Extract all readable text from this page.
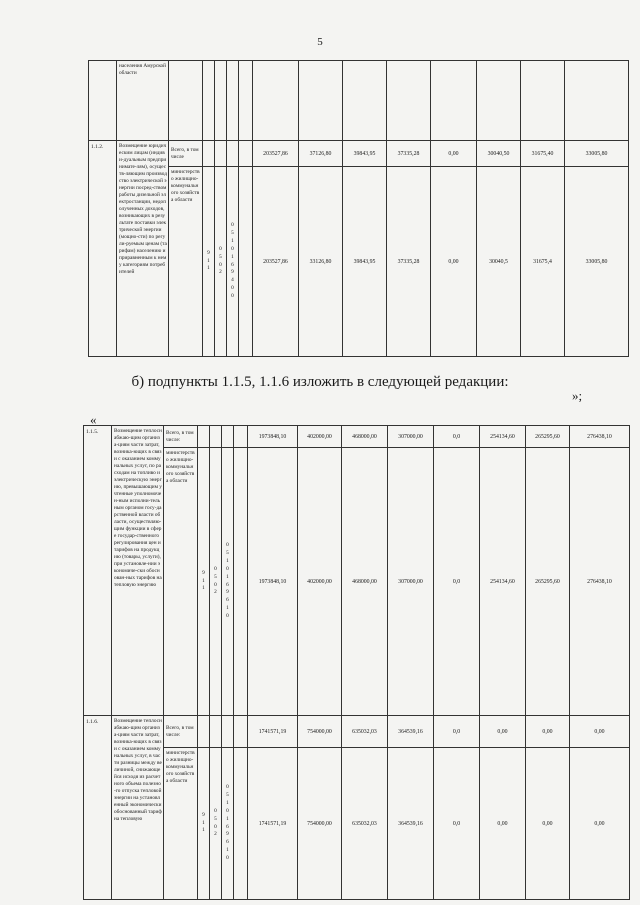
5
	населения Амурской области													
1.1.2.	Возмещение юридическим лицам (индиви-дуальным предпринимате-лям), осуществ-ляющим производство электрической энергии посред-ством работы дизельной электростанции, недополученных доходов, возникающих в результате поставки электрической энергии (мощно-сти) по регули-руемым ценам (тарифам) населению и приравненным к нему категориям потребителей	Всего, в том числе					203527,86	37126,80	39843,95	37335,28	0,00	30040,50	31675,40	33005,80
		министерство жилищно-коммунального хозяйства области	9 1 1	0 5 0 2	0 5 1 0 1 6 9 4 0 0		203527,86	33126,80	39843,95	37335,28	0,00	30040,5	31675,4	33005,80
б) подпункты 1.1.5, 1.1.6 изложить в следующей редакции:
»;
«
1.1.5.	Возмещение теплоснабжаю-щим организа-циям части затрат, возника-ющих в связи с оказанием коммунальных услуг, по расходам на топливо и электрическую энергию, превышающим учтенные уполномочен-ным исполни-тельным органом госу-дарственной власти области, осуществляю-щим функции в сфере государ-ственного регулирования цен и тарифов на продукцию (товары, услуги), при установле-нии экономиче-ски обоснован-ных тарифов на тепловую энергию	Всего, в том числе:					1973848,10	402000,00	468000,00	307000,00	0,0	254134,60	265295,60	276438,10
		министерство жилищно-коммунального хозяйства области	9 1 1	0 5 0 2	0 5 1 0 1 6 9 6 1 0		1973848,10	402000,00	468000,00	307000,00	0,0	254134,60	265295,60	276438,10
1.1.6.	Возмещение теплоснабжаю-щим организа-циям части затрат, возника-ющих в связи с оказанием коммунальных услуг, в части разницы между величиной, снижающейся исходя из расчетного объема полезно-го отпуска тепловой энергии на установленный экономически обоснованный тариф на тепловую	Всего, в том числе:					1741571,19	754000,00	635032,03	364539,16	0,0	0,00	0,00	0,00
		министерство жилищно-коммунального хозяйства области	9 1 1	0 5 0 2	0 5 1 0 1 6 9 6 1 0		1741571,19	754000,00	635032,03	364539,16	0,0	0,00	0,00	0,00
